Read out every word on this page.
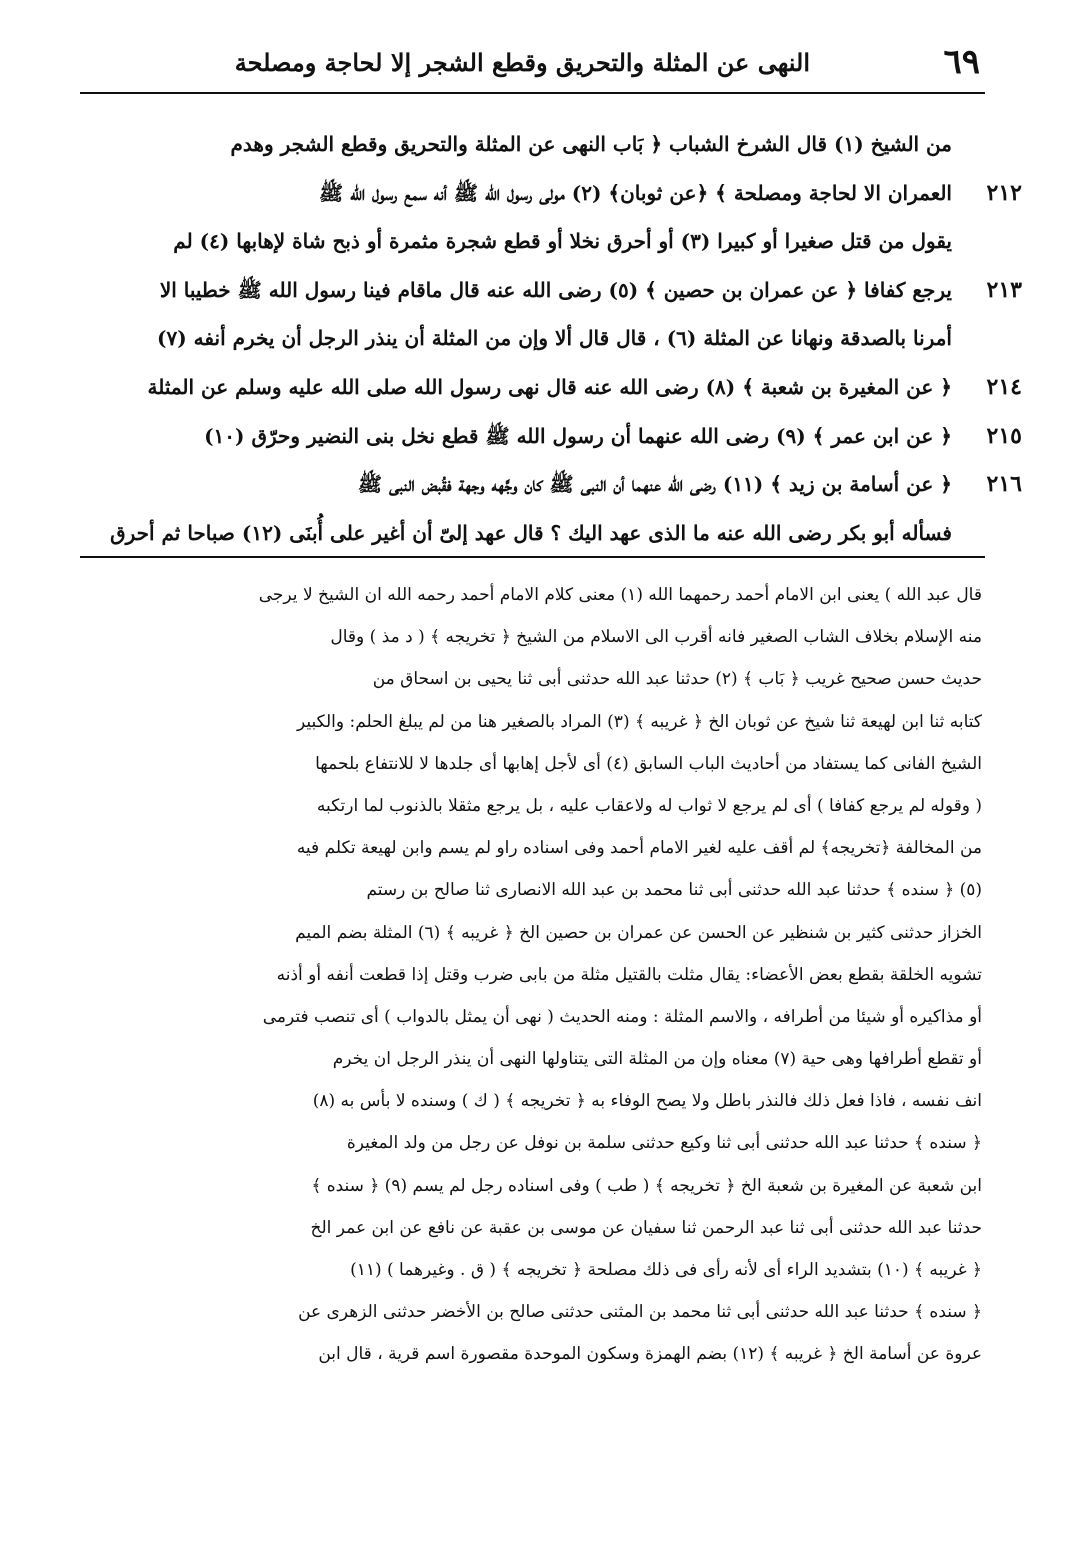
٦٩
النهى عن المثلة والتحريق وقطع الشجر إلا لحاجة ومصلحة
من الشيخ (١) قال الشرخ الشباب ﴿ بَاب النهى عن المثلة والتحريق وقطع الشجر وهدم
العمران الا لحاجة ومصلحة ﴾ ﴿عن ثوبان﴾ (٢) مولى رسول الله ﷺ أنه سمع رسول الله ﷺ	٢١٢
يقول من قتل صغيرا أو كبيرا (٣) أو أحرق نخلا أو قطع شجرة مثمرة أو ذبح شاة لإهابها (٤) لم
يرجع كفافا ﴿ عن عمران بن حصين ﴾ (٥) رضى الله عنه قال ماقام فينا رسول الله ﷺ خطيبا الا	٢١٣
أمرنا بالصدقة ونهانا عن المثلة (٦) ، قال قال ألا وإن من المثلة أن ينذر الرجل أن يخرم أنفه (٧)
﴿ عن المغيرة بن شعبة ﴾ (٨) رضى الله عنه قال نهى رسول الله صلى الله عليه وسلم عن المثلة	٢١٤
﴿ عن ابن عمر ﴾ (٩) رضى الله عنهما أن رسول الله ﷺ قطع نخل بنى النضير وحرّق (١٠)	٢١٥
﴿ عن أسامة بن زيد ﴾ (١١) رضى الله عنهما أن النبى ﷺ كان وجَّهه وجهة فقُبض النبى ﷺ	٢١٦
فسأله أبو بكر رضى الله عنه ما الذى عهد اليك ؟ قال عهد إلىّ أن أغير على أُبنَى (١٢) صباحا ثم أحرق
قال عبد الله ) يعنى ابن الامام أحمد رحمهما الله (١) معنى كلام الامام أحمد رحمه الله ان الشيخ لا يرجى
منه الإسلام بخلاف الشاب الصغير فانه أقرب الى الاسلام من الشيخ ﴿ تخريجه ﴾ ( د مذ ) وقال
حديث حسن صحيح غريب ﴿ بَاب ﴾ (٢) حدثنا عبد الله حدثنى أبى ثنا يحيى بن اسحاق من
كتابه ثنا ابن لهيعة ثنا شيخ عن ثوبان الخ ﴿ غريبه ﴾ (٣) المراد بالصغير هنا من لم يبلغ الحلم: والكبير
الشيخ الفانى كما يستفاد من أحاديث الباب السابق (٤) أى لأجل إهابها أى جلدها لا للانتفاع بلحمها
( وقوله لم يرجع كفافا ) أى لم يرجع لا ثواب له ولاعقاب عليه ، بل يرجع مثقلا بالذنوب لما ارتكبه
من المخالفة ﴿تخريجه﴾ لم أقف عليه لغير الامام أحمد وفى اسناده راو لم يسم وابن لهيعة تكلم فيه
(٥) ﴿ سنده ﴾ حدثنا عبد الله حدثنى أبى ثنا محمد بن عبد الله الانصارى ثنا صالح بن رستم
الخزاز حدثنى كثير بن شنظير عن الحسن عن عمران بن حصين الخ ﴿ غريبه ﴾ (٦) المثلة بضم الميم
تشويه الخلقة بقطع بعض الأعضاء: يقال مثلت بالقتيل مثلة من بابى ضرب وقتل إذا قطعت أنفه أو أذنه
أو مذاكيره أو شيئا من أطرافه ، والاسم المثلة : ومنه الحديث ( نهى أن يمثل بالدواب ) أى تنصب فترمى
أو تقطع أطرافها وهى حية (٧) معناه وإن من المثلة التى يتناولها النهى أن ينذر الرجل ان يخرم
انف نفسه ، فاذا فعل ذلك فالنذر باطل ولا يصح الوفاء به ﴿ تخريجه ﴾ ( ك ) وسنده لا بأس به (٨)
﴿ سنده ﴾ حدثنا عبد الله حدثنى أبى ثنا وكيع حدثنى سلمة بن نوفل عن رجل من ولد المغيرة
ابن شعبة عن المغيرة بن شعبة الخ ﴿ تخريجه ﴾ ( طب ) وفى اسناده رجل لم يسم (٩) ﴿ سنده ﴾
حدثنا عبد الله حدثنى أبى ثنا عبد الرحمن ثنا سفيان عن موسى بن عقبة عن نافع عن ابن عمر الخ
﴿ غريبه ﴾ (١٠) بتشديد الراء أى لأنه رأى فى ذلك مصلحة ﴿ تخريجه ﴾ ( ق . وغيرهما ) (١١)
﴿ سنده ﴾ حدثنا عبد الله حدثنى أبى ثنا محمد بن المثنى حدثنى صالح بن الأخضر حدثنى الزهرى عن
عروة عن أسامة الخ ﴿ غريبه ﴾ (١٢) بضم الهمزة وسكون الموحدة مقصورة اسم قرية ، قال ابن
